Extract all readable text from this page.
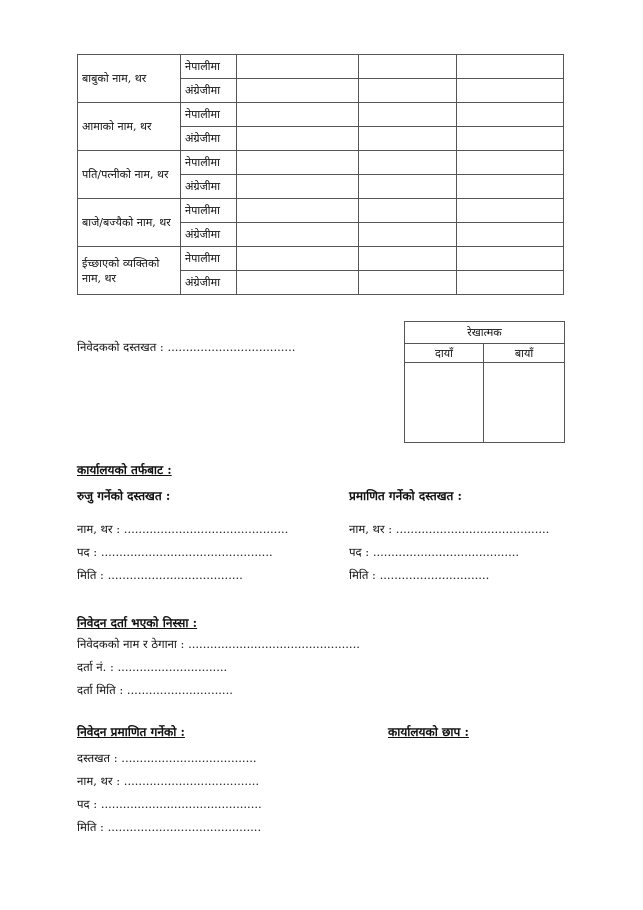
बाबुको नाम, थर	नेपालीमा			
	अंग्रेजीमा			
आमाको नाम, थर	नेपालीमा			
	अंग्रेजीमा			
पति/पत्नीको नाम, थर	नेपालीमा			
	अंग्रेजीमा			
बाजे/बज्यैको नाम, थर	नेपालीमा			
	अंग्रेजीमा			
ईच्छाएको व्यक्तिको नाम, थर	नेपालीमा			
	अंग्रेजीमा			
निवेदकको दस्तखत : ...................................
रेखात्मक	
दायाँ	बायाँ

कार्यालयको तर्फबाट :
रुजु गर्नेको दस्तखत :
नाम, थर : .............................................
पद : ...............................................
मिति : .....................................
प्रमाणित गर्नेको दस्तखत :
नाम, थर : ..........................................
पद : ........................................
मिति : ..............................
निवेदन दर्ता भएको निस्सा :
निवेदकको नाम र ठेगाना : ...............................................
दर्ता नं. : ..............................
दर्ता मिति : .............................
निवेदन प्रमाणित गर्नेको :	कार्यालयको छाप :
दस्तखत : .....................................
नाम, थर : .....................................
पद : ............................................
मिति : ..........................................
